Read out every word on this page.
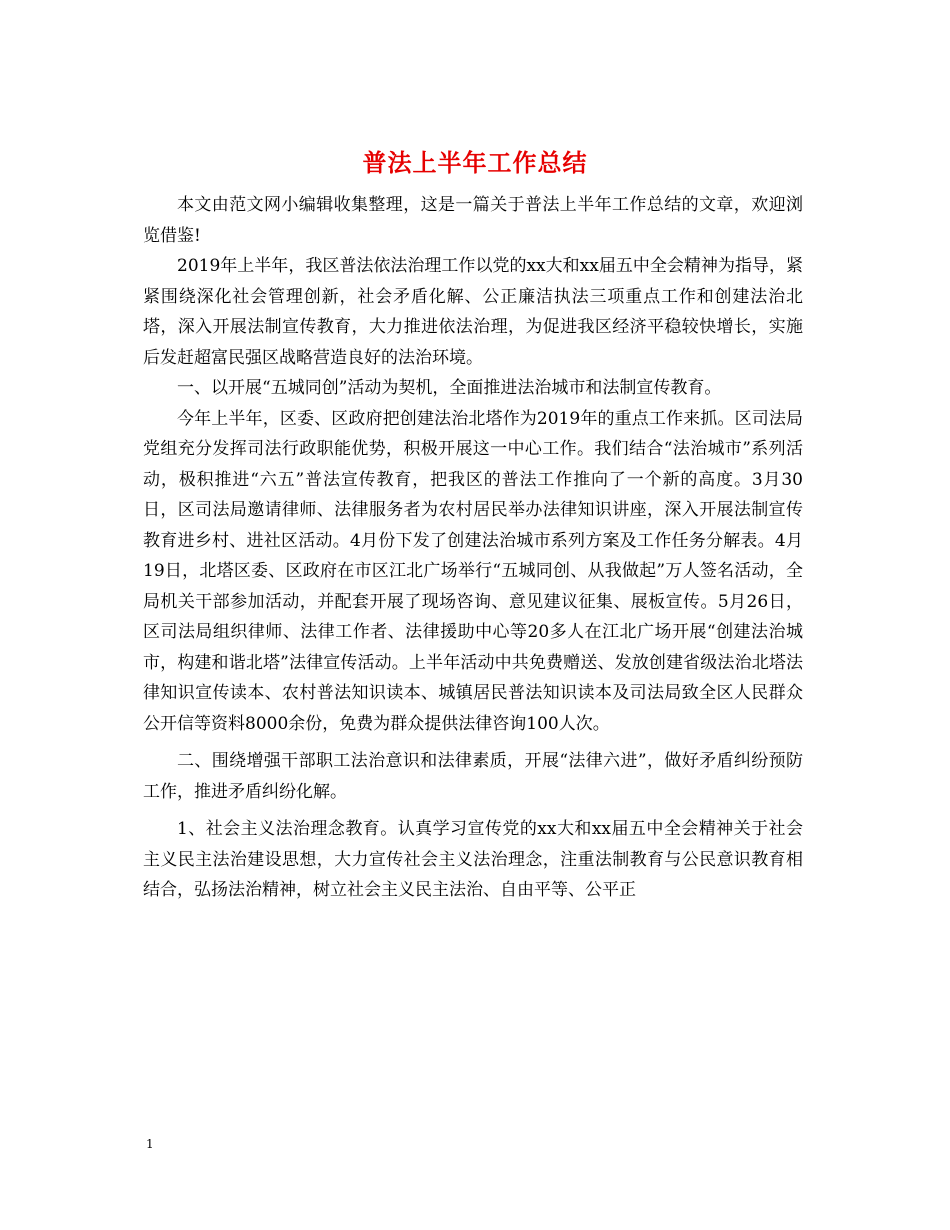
普法上半年工作总结

本文由范文网小编辑收集整理，这是一篇关于普法上半年工作总结的文章，欢迎浏览借鉴!

2019年上半年，我区普法依法治理工作以党的xx大和xx届五中全会精神为指导，紧紧围绕深化社会管理创新，社会矛盾化解、公正廉洁执法三项重点工作和创建法治北塔，深入开展法制宣传教育，大力推进依法治理，为促进我区经济平稳较快增长，实施后发赶超富民强区战略营造良好的法治环境。

一、以开展“五城同创”活动为契机，全面推进法治城市和法制宣传教育。

今年上半年，区委、区政府把创建法治北塔作为2019年的重点工作来抓。区司法局党组充分发挥司法行政职能优势，积极开展这一中心工作。我们结合“法治城市”系列活动，极积推进“六五”普法宣传教育，把我区的普法工作推向了一个新的高度。3月30日，区司法局邀请律师、法律服务者为农村居民举办法律知识讲座，深入开展法制宣传教育进乡村、进社区活动。4月份下发了创建法治城市系列方案及工作任务分解表。4月19日，北塔区委、区政府在市区江北广场举行“五城同创、从我做起”万人签名活动，全局机关干部参加活动，并配套开展了现场咨询、意见建议征集、展板宣传。5月26日，区司法局组织律师、法律工作者、法律援助中心等20多人在江北广场开展“创建法治城市，构建和谐北塔”法律宣传活动。上半年活动中共免费赠送、发放创建省级法治北塔法律知识宣传读本、农村普法知识读本、城镇居民普法知识读本及司法局致全区人民群众公开信等资料8000余份，免费为群众提供法律咨询100人次。

二、围绕增强干部职工法治意识和法律素质，开展“法律六进”，做好矛盾纠纷预防工作，推进矛盾纠纷化解。

1、社会主义法治理念教育。认真学习宣传党的xx大和xx届五中全会精神关于社会主义民主法治建设思想，大力宣传社会主义法治理念，注重法制教育与公民意识教育相结合，弘扬法治精神，树立社会主义民主法治、自由平等、公平正

1
